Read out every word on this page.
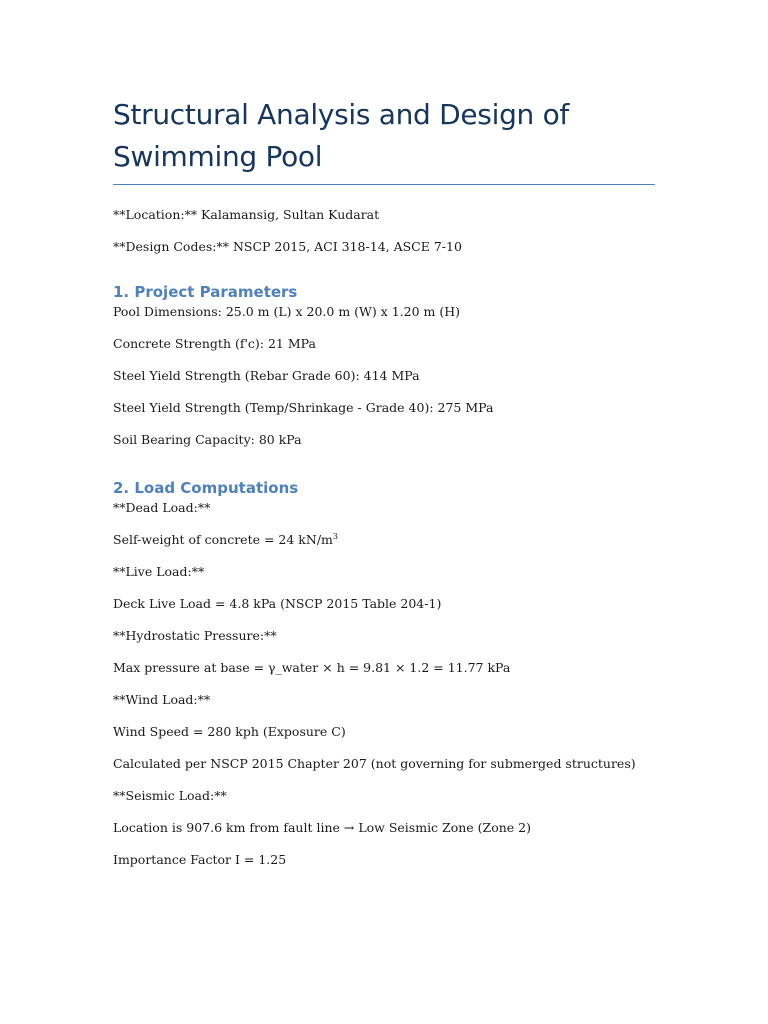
Structural Analysis and Design of Swimming Pool

**Location:** Kalamansig, Sultan Kudarat

**Design Codes:** NSCP 2015, ACI 318-14, ASCE 7-10

1. Project Parameters

Pool Dimensions: 25.0 m (L) x 20.0 m (W) x 1.20 m (H)

Concrete Strength (f'c): 21 MPa

Steel Yield Strength (Rebar Grade 60): 414 MPa

Steel Yield Strength (Temp/Shrinkage - Grade 40): 275 MPa

Soil Bearing Capacity: 80 kPa

2. Load Computations

**Dead Load:**

Self-weight of concrete = 24 $kN/m^3$

**Live Load:**

Deck Live Load = 4.8 kPa (NSCP 2015 Table 204-1)

**Hydrostatic Pressure:**

Max pressure at base = γ_water × h = 9.81 × 1.2 = 11.77 kPa

**Wind Load:**

Wind Speed = 280 kph (Exposure C)

Calculated per NSCP 2015 Chapter 207 (not governing for submerged structures)

**Seismic Load:**

Location is 907.6 km from fault line → Low Seismic Zone (Zone 2)

Importance Factor I = 1.25
